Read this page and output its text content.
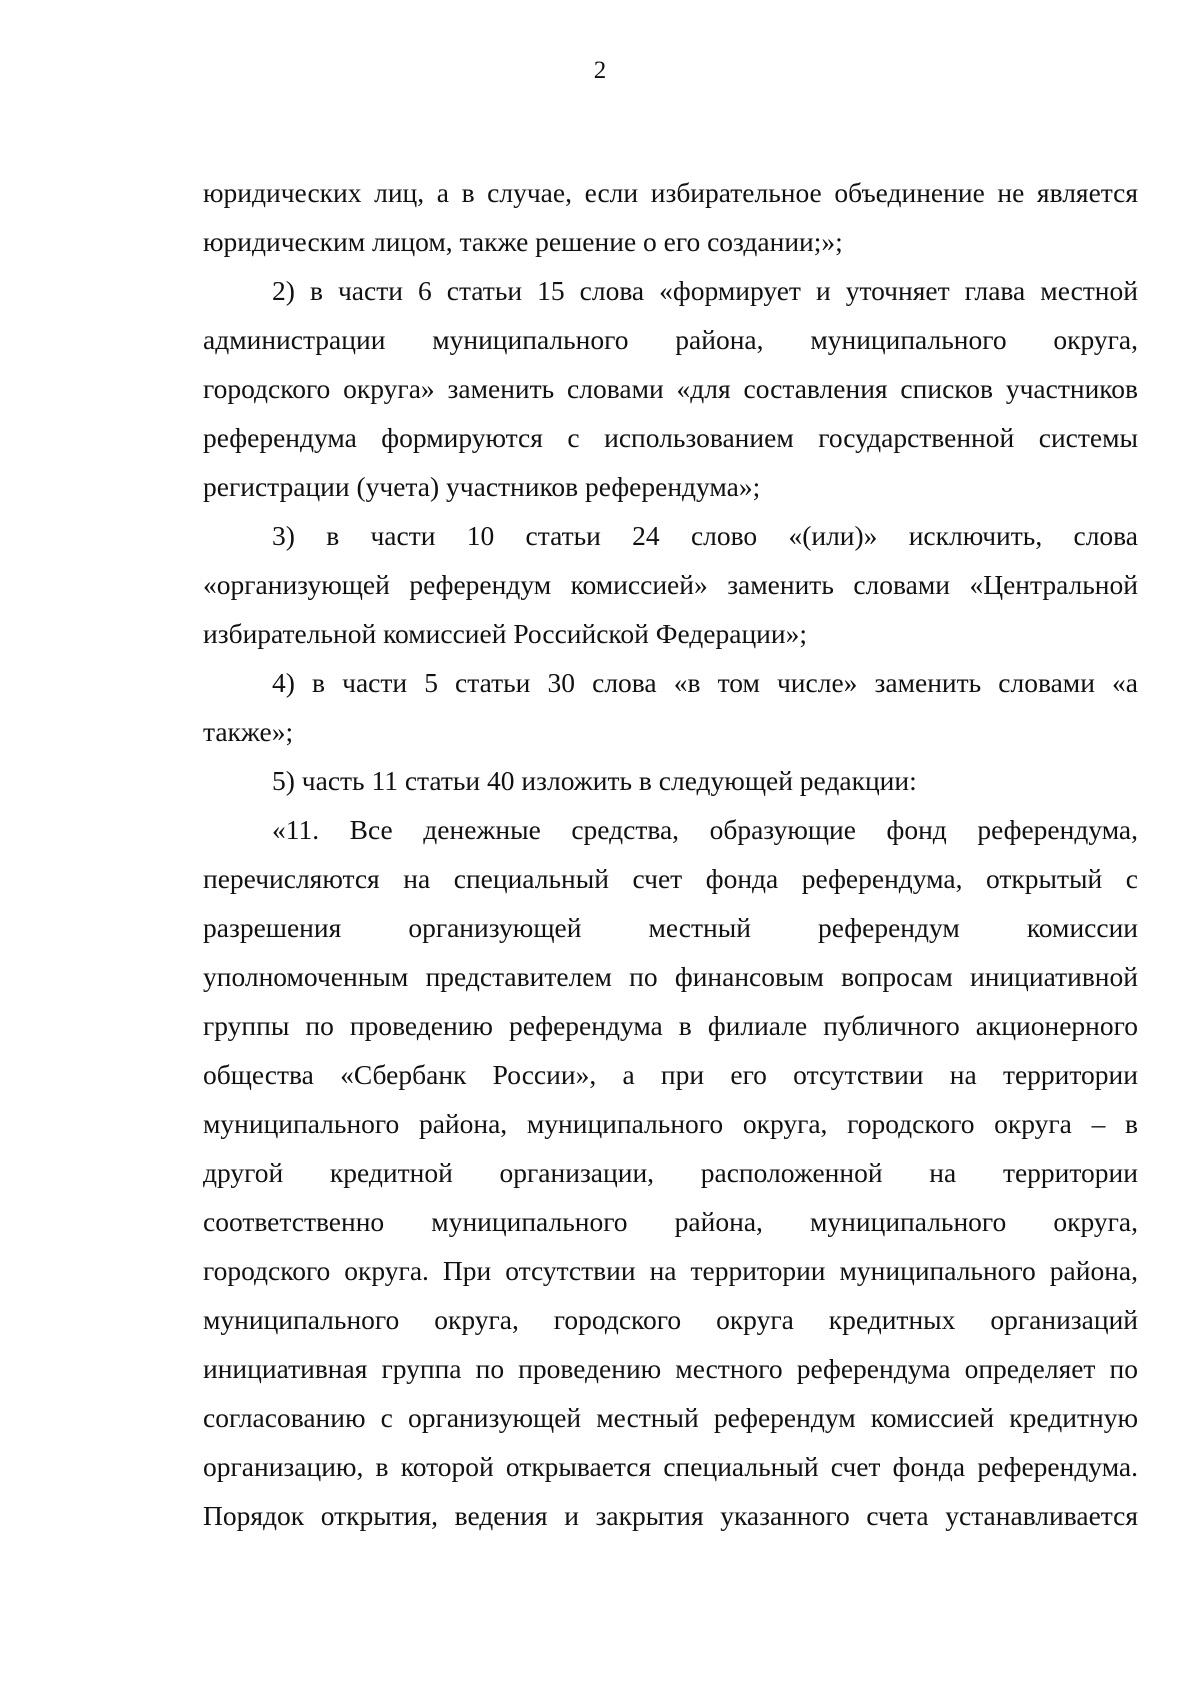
2
юридических лиц, а в случае, если избирательное объединение не является
юридическим лицом, также решение о его создании;»;
2) в части 6 статьи 15 слова «формирует и уточняет глава местной
администрации муниципального района, муниципального округа,
городского округа» заменить словами «для составления списков участников
референдума формируются с использованием государственной системы
регистрации (учета) участников референдума»;
3) в части 10 статьи 24 слово «(или)» исключить, слова
«организующей референдум комиссией» заменить словами «Центральной
избирательной комиссией Российской Федерации»;
4) в части 5 статьи 30 слова «в том числе» заменить словами «а
также»;
5) часть 11 статьи 40 изложить в следующей редакции:
«11. Все денежные средства, образующие фонд референдума,
перечисляются на специальный счет фонда референдума, открытый с
разрешения организующей местный референдум комиссии
уполномоченным представителем по финансовым вопросам инициативной
группы по проведению референдума в филиале публичного акционерного
общества «Сбербанк России», а при его отсутствии на территории
муниципального района, муниципального округа, городского округа – в
другой кредитной организации, расположенной на территории
соответственно муниципального района, муниципального округа,
городского округа. При отсутствии на территории муниципального района,
муниципального округа, городского округа кредитных организаций
инициативная группа по проведению местного референдума определяет по
согласованию с организующей местный референдум комиссией кредитную
организацию, в которой открывается специальный счет фонда референдума.
Порядок открытия, ведения и закрытия указанного счета устанавливается
